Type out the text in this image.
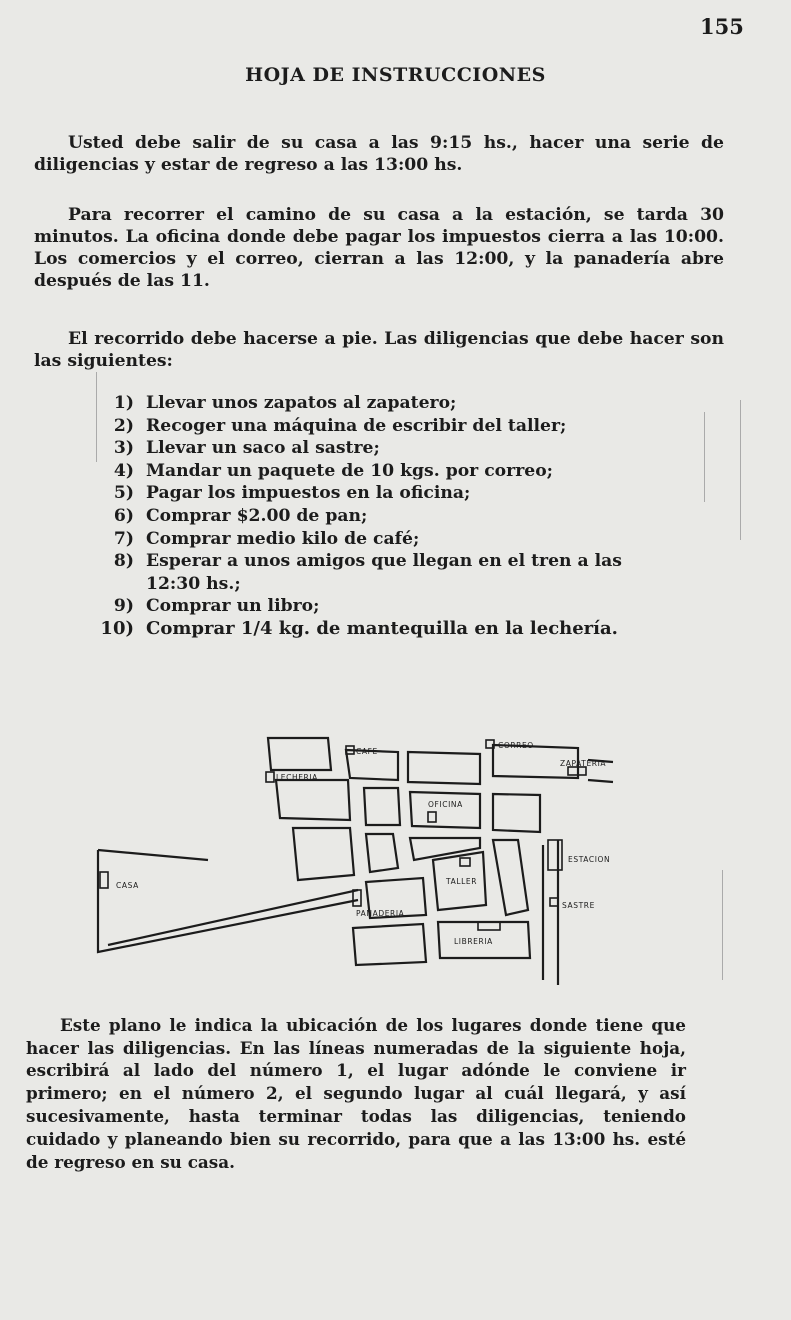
155
HOJA DE INSTRUCCIONES

Usted debe salir de su casa a las 9:15 hs., hacer una serie de diligencias y estar de regreso a las 13:00 hs.

Para recorrer el camino de su casa a la estación, se tarda 30 minutos. La oficina donde debe pagar los impuestos cierra a las 10:00. Los comercios y el correo, cierran a las 12:00, y la panadería abre después de las 11.

El recorrido debe hacerse a pie. Las diligencias que debe hacer son las siguientes:

1) Llevar unos zapatos al zapatero;
2) Recoger una máquina de escribir del taller;
3) Llevar un saco al sastre;
4) Mandar un paquete de 10 kgs. por correo;
5) Pagar los impuestos en la oficina;
6) Comprar $2.00 de pan;
7) Comprar medio kilo de café;
8) Esperar a unos amigos que llegan en el tren a las 12:30 hs.;
9) Comprar un libro;
10) Comprar 1/4 kg. de mantequilla en la lechería.
CORREO
CAFE
ZAPATERIA
LECHERIA
OFICINA
ESTACION
CASA	TALLER
SASTRE
PANADERIA
LIBRERIA

Este plano le indica la ubicación de los lugares donde tiene que hacer las diligencias. En las líneas numeradas de la siguiente hoja, escribirá al lado del número 1, el lugar adónde le conviene ir primero; en el número 2, el segundo lugar al cuál llegará, y así sucesivamente, hasta terminar todas las diligencias, teniendo cuidado y planeando bien su recorrido, para que a las 13:00 hs. esté de regreso en su casa.
